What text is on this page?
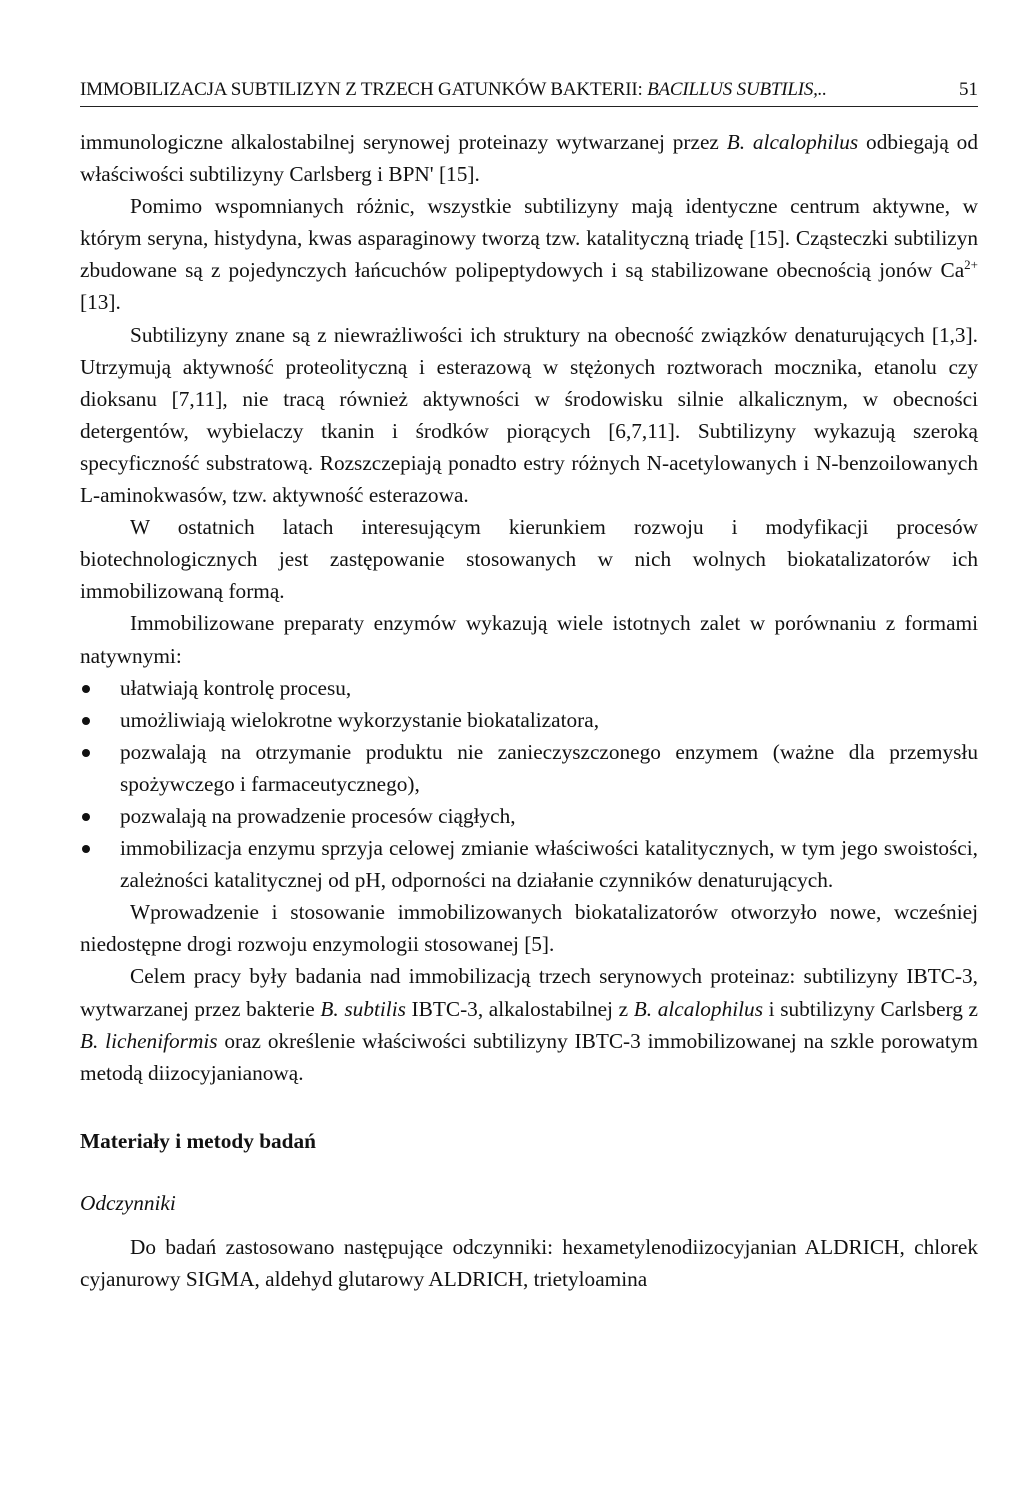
IMMOBILIZACJA SUBTILIZYN Z TRZECH GATUNKÓW BAKTERII: BACILLUS SUBTILIS,..	51

immunologiczne alkalostabilnej serynowej proteinazy wytwarzanej przez B. alcalophilus odbiegają od właściwości subtilizyny Carlsberg i BPN' [15].

Pomimo wspomnianych różnic, wszystkie subtilizyny mają identyczne centrum aktywne, w którym seryna, histydyna, kwas asparaginowy tworzą tzw. katalityczną triadę [15]. Cząsteczki subtilizyn zbudowane są z pojedynczych łańcuchów polipeptydowych i są stabilizowane obecnością jonów $Ca^{2+}$ [13].

Subtilizyny znane są z niewrażliwości ich struktury na obecność związków denaturujących [1,3]. Utrzymują aktywność proteolityczną i esterazową w stężonych roztworach mocznika, etanolu czy dioksanu [7,11], nie tracą również aktywności w środowisku silnie alkalicznym, w obecności detergentów, wybielaczy tkanin i środków piorących [6,7,11]. Subtilizyny wykazują szeroką specyficzność substratową. Rozszczepiają ponadto estry różnych N-acetylowanych i N-benzoilowanych L-aminokwasów, tzw. aktywność esterazowa.

W ostatnich latach interesującym kierunkiem rozwoju i modyfikacji procesów biotechnologicznych jest zastępowanie stosowanych w nich wolnych biokatalizatorów ich immobilizowaną formą.

Immobilizowane preparaty enzymów wykazują wiele istotnych zalet w porównaniu z formami natywnymi:

ułatwiają kontrolę procesu,
umożliwiają wielokrotne wykorzystanie biokatalizatora,
pozwalają na otrzymanie produktu nie zanieczyszczonego enzymem (ważne dla przemysłu spożywczego i farmaceutycznego),
pozwalają na prowadzenie procesów ciągłych,
immobilizacja enzymu sprzyja celowej zmianie właściwości katalitycznych, w tym jego swoistości, zależności katalitycznej od pH, odporności na działanie czynników denaturujących.

Wprowadzenie i stosowanie immobilizowanych biokatalizatorów otworzyło nowe, wcześniej niedostępne drogi rozwoju enzymologii stosowanej [5].

Celem pracy były badania nad immobilizacją trzech serynowych proteinaz: subtilizyny IBTC-3, wytwarzanej przez bakterie B. subtilis IBTC-3, alkalostabilnej z B. alcalophilus i subtilizyny Carlsberg z B. licheniformis oraz określenie właściwości subtilizyny IBTC-3 immobilizowanej na szkle porowatym metodą diizocyjanianową.

Materiały i metody badań

Odczynniki

Do badań zastosowano następujące odczynniki: hexametylenodiizocyjanian ALDRICH, chlorek cyjanurowy SIGMA, aldehyd glutarowy ALDRICH, trietyloamina
